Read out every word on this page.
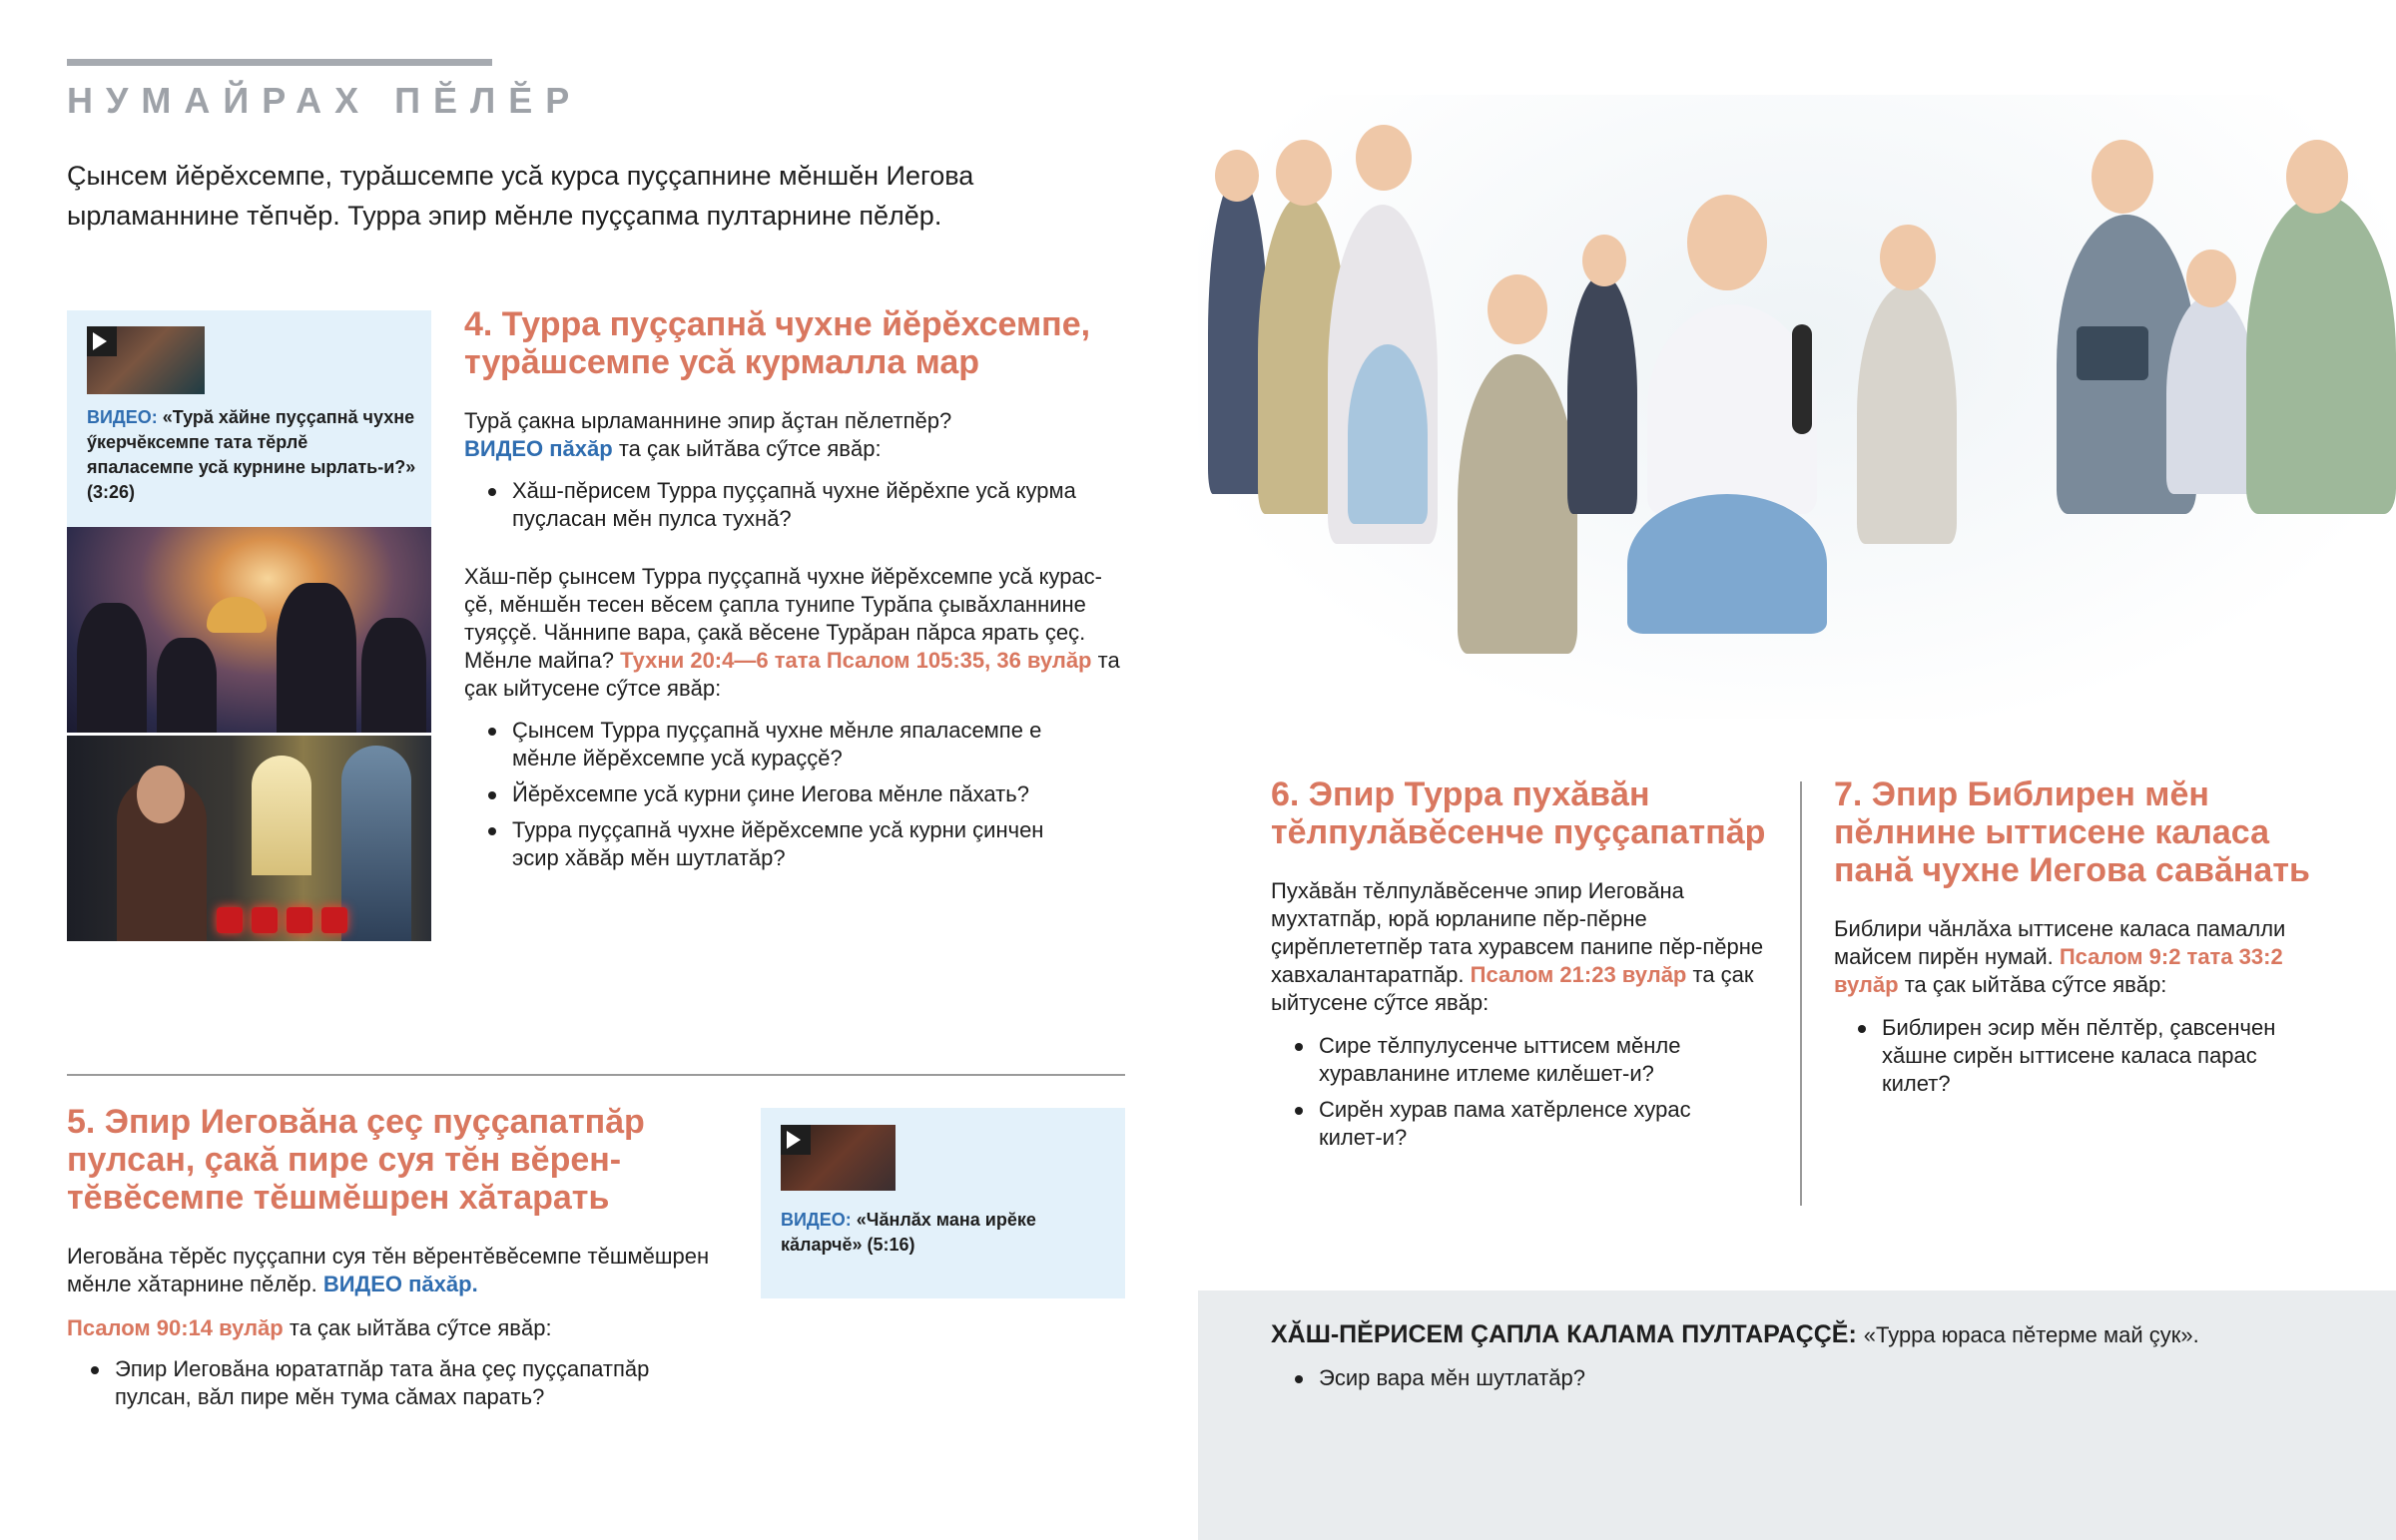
НУМАЙРАХ ПĔЛĔР
Çынсем йĕрĕхсемпе, турăшсемпе усă курса пуççапнине мĕншĕн Иегова ырламаннине тĕпчĕр. Турра эпир мĕнле пуççапма пултарнине пĕлĕр.
ВИДЕО: «Турă хăйне пуççапнă чухне ӳкерчĕксемпе тата тĕрлĕ япаласемпе усă курнине ырлать-и?» (3:26)
4. Турра пуççапнă чухне йĕрĕхсемпе, турăшсемпе усă курмалла мар
Турă çакна ырламаннине эпир ăçтан пĕлетпĕр?
ВИДЕО пăхăр та çак ыйтăва сӳтсе явăр:
Хăш-пĕрисем Турра пуççапнă чухне йĕрĕхпе усă курма пуçласан мĕн пулса тухнă?
Хăш-пĕр çынсем Турра пуççапнă чухне йĕрĕхсемпе усă курас-çĕ, мĕншĕн тесен вĕсем çапла тунипе Турăпа çывăхланнине туяççĕ. Чăннипе вара, çакă вĕсене Турăран пăрса ярать çеç. Мĕнле майпа? Тухни 20:4—6 тата Псалом 105:35, 36 вулăр та çак ыйтусене сӳтсе явăр:
Çынсем Турра пуççапнă чухне мĕнле япаласемпе е мĕнле йĕрĕхсемпе усă кураççĕ?
Йĕрĕхсемпе усă курни çине Иегова мĕнле пăхать?
Турра пуççапнă чухне йĕрĕхсемпе усă курни çинчен эсир хăвăр мĕн шутлатăр?
5. Эпир Иеговăна çеç пуççапатпăр пулсан, çакă пире суя тĕн вĕрен-тĕвĕсемпе тĕшмĕшрен хăтарать
Иеговăна тĕрĕс пуççапни суя тĕн вĕрентĕвĕсемпе тĕшмĕшрен мĕнле хăтарнине пĕлĕр. ВИДЕО пăхăр.
Псалом 90:14 вулăр та çак ыйтăва сӳтсе явăр:
Эпир Иеговăна юрататпăр тата ăна çеç пуççапатпăр пулсан, вăл пире мĕн тума сăмах парать?
ВИДЕО: «Чăнлăх мана ирĕке кăларчĕ» (5:16)
6. Эпир Турра пухăвăн тĕлпулăвĕсенче пуççапатпăр
Пухăвăн тĕлпулăвĕсенче эпир Иеговăна мухтатпăр, юрă юрланипе пĕр-пĕрне çирĕплететпĕр тата хуравсем панипе пĕр-пĕрне хавхалантаратпăр. Псалом 21:23 вулăр та çак ыйтусене сӳтсе явăр:
Сире тĕлпулусенче ыттисем мĕнле хуравланине итлеме килĕшет-и?
Сирĕн хурав пама хатĕрленсе хурас килет-и?
7. Эпир Библирен мĕн пĕлнине ыттисене каласа панă чухне Иегова савăнать
Библири чăнлăха ыттисене каласа памалли майсем пирĕн нумай. Псалом 9:2 тата 33:2 вулăр та çак ыйтăва сӳтсе явăр:
Библирен эсир мĕн пĕлтĕр, çавсенчен хăшне сирĕн ыттисене каласа парас килет?
ХĂШ-ПĔРИСЕМ ÇАПЛА КАЛАМА ПУЛТАРАÇÇĔ: «Турра юраса пĕтерме май çук».
Эсир вара мĕн шутлатăр?
